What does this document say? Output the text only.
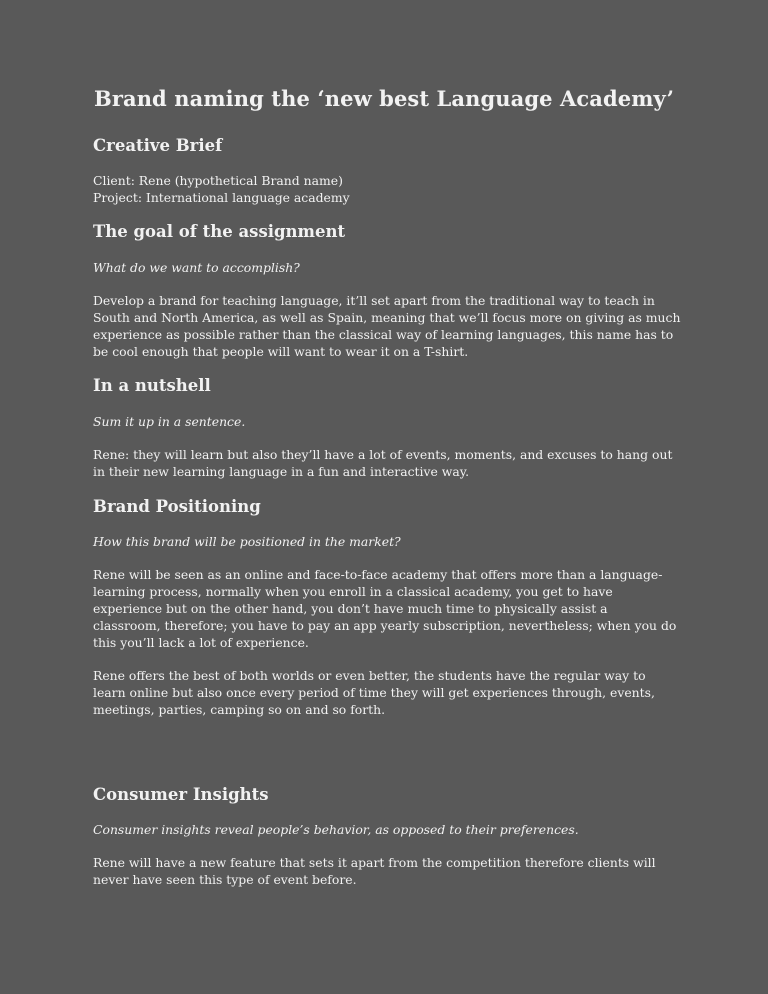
Brand naming the ‘new best Language Academy’
Creative Brief

Client: Rene (hypothetical Brand name)

Project: International language academy

The goal of the assignment

What do we want to accomplish?

Develop a brand for teaching language, it’ll set apart from the traditional way to teach in South and North America, as well as Spain, meaning that we’ll focus more on giving as much experience as possible rather than the classical way of learning languages, this name has to be cool enough that people will want to wear it on a T-shirt.

In a nutshell

Sum it up in a sentence.

Rene: they will learn but also they’ll have a lot of events, moments, and excuses to hang out in their new learning language in a fun and interactive way.

Brand Positioning

How this brand will be positioned in the market?

Rene will be seen as an online and face-to-face academy that offers more than a language-learning process, normally when you enroll in a classical academy, you get to have experience but on the other hand, you don’t have much time to physically assist a classroom, therefore; you have to pay an app yearly subscription, nevertheless; when you do this you’ll lack a lot of experience.

Rene offers the best of both worlds or even better, the students have the regular way to learn online but also once every period of time they will get experiences through, events, meetings, parties, camping so on and so forth.

Consumer Insights

Consumer insights reveal people’s behavior, as opposed to their preferences.

Rene will have a new feature that sets it apart from the competition therefore clients will never have seen this type of event before.
